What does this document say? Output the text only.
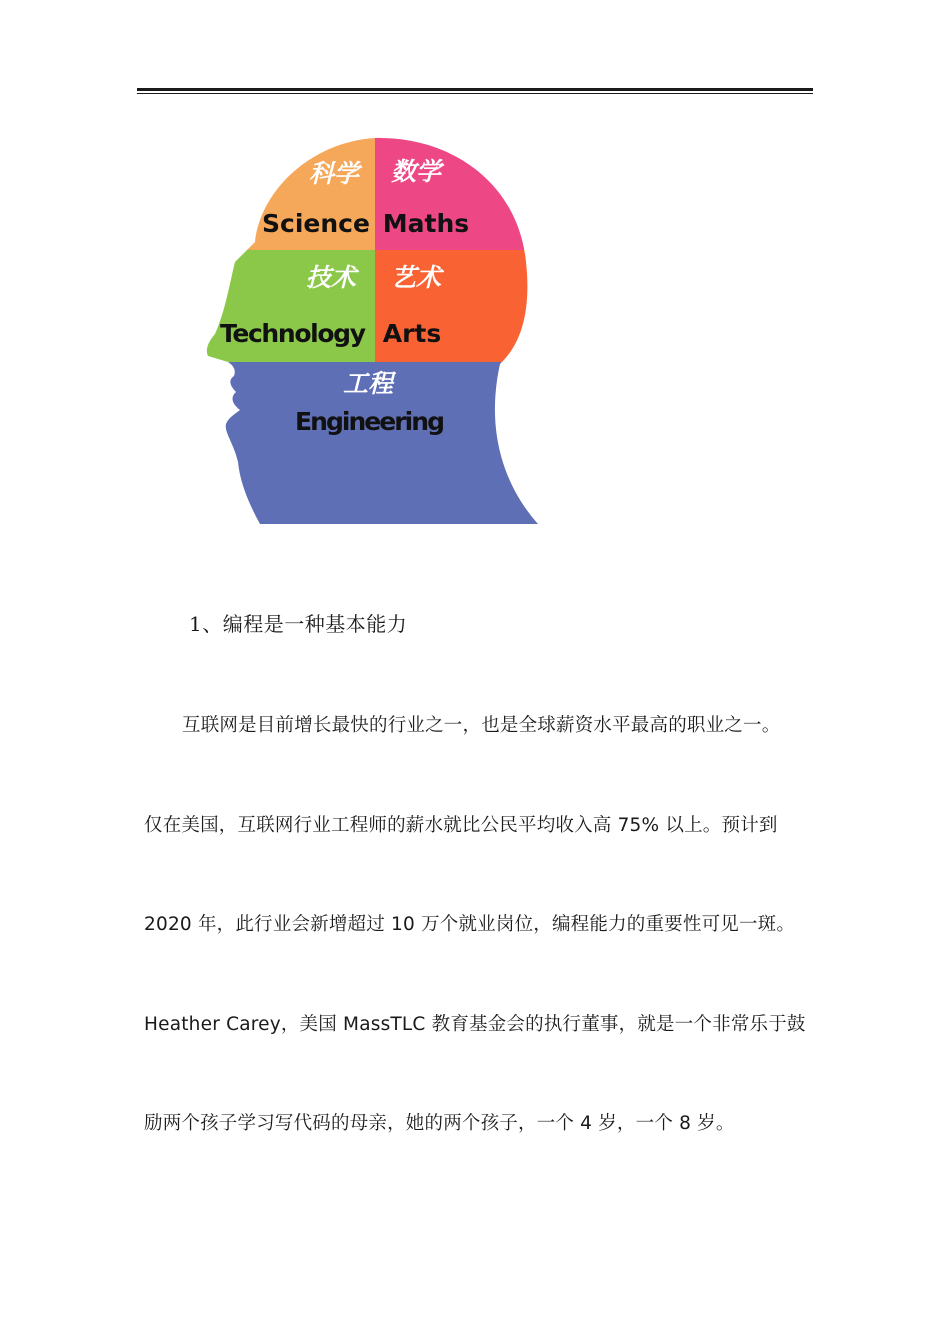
科学
Science
数学
Maths
技术
Technology
艺术
Arts
工程
Engineering
1、编程是一种基本能力
互联网是目前增长最快的行业之一，也是全球薪资水平最高的职业之一。
仅在美国，互联网行业工程师的薪水就比公民平均收入高 75% 以上。预计到
2020 年，此行业会新增超过 10 万个就业岗位，编程能力的重要性可见一斑。
Heather Carey，美国 MassTLC 教育基金会的执行董事，就是一个非常乐于鼓
励两个孩子学习写代码的母亲，她的两个孩子，一个 4 岁，一个 8 岁。
